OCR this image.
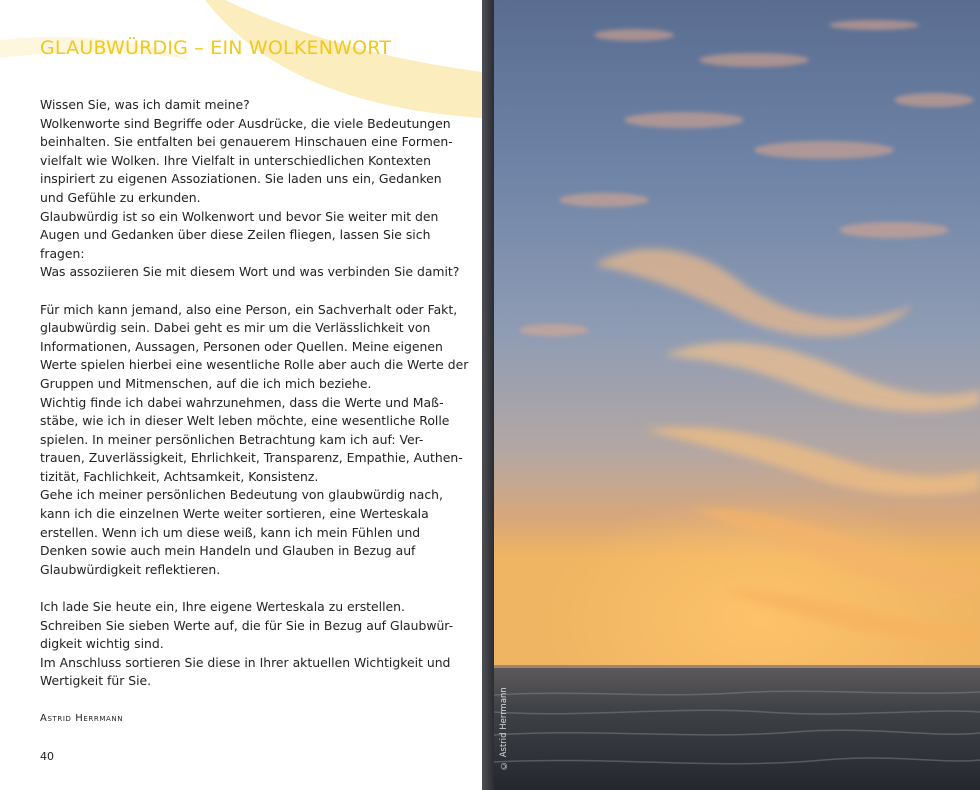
GLAUBWÜRDIG – EIN WOLKENWORT
Wissen Sie, was ich damit meine?
Wolkenworte sind Begriffe oder Ausdrücke, die viele Bedeutungen
beinhalten. Sie entfalten bei genauerem Hinschauen eine Formen-
vielfalt wie Wolken. Ihre Vielfalt in unterschiedlichen Kontexten
inspiriert zu eigenen Assoziationen. Sie laden uns ein, Gedanken
und Gefühle zu erkunden.
Glaubwürdig ist so ein Wolkenwort und bevor Sie weiter mit den
Augen und Gedanken über diese Zeilen fliegen, lassen Sie sich
fragen:
Was assoziieren Sie mit diesem Wort und was verbinden Sie damit?
Für mich kann jemand, also eine Person, ein Sachverhalt oder Fakt,
glaubwürdig sein. Dabei geht es mir um die Verlässlichkeit von
Informationen, Aussagen, Personen oder Quellen. Meine eigenen
Werte spielen hierbei eine wesentliche Rolle aber auch die Werte der
Gruppen und Mitmenschen, auf die ich mich beziehe.
Wichtig finde ich dabei wahrzunehmen, dass die Werte und Maß-
stäbe, wie ich in dieser Welt leben möchte, eine wesentliche Rolle
spielen. In meiner persönlichen Betrachtung kam ich auf: Ver-
trauen, Zuverlässigkeit, Ehrlichkeit, Transparenz, Empathie, Authen-
tizität, Fachlichkeit, Achtsamkeit, Konsistenz.
Gehe ich meiner persönlichen Bedeutung von glaubwürdig nach,
kann ich die einzelnen Werte weiter sortieren, eine Werteskala
erstellen. Wenn ich um diese weiß, kann ich mein Fühlen und
Denken sowie auch mein Handeln und Glauben in Bezug auf
Glaubwürdigkeit reflektieren.
Ich lade Sie heute ein, Ihre eigene Werteskala zu erstellen.
Schreiben Sie sieben Werte auf, die für Sie in Bezug auf Glaubwür-
digkeit wichtig sind.
Im Anschluss sortieren Sie diese in Ihrer aktuellen Wichtigkeit und
Wertigkeit für Sie.
Astrid Herrmann
40	© Astrid Herrmann
